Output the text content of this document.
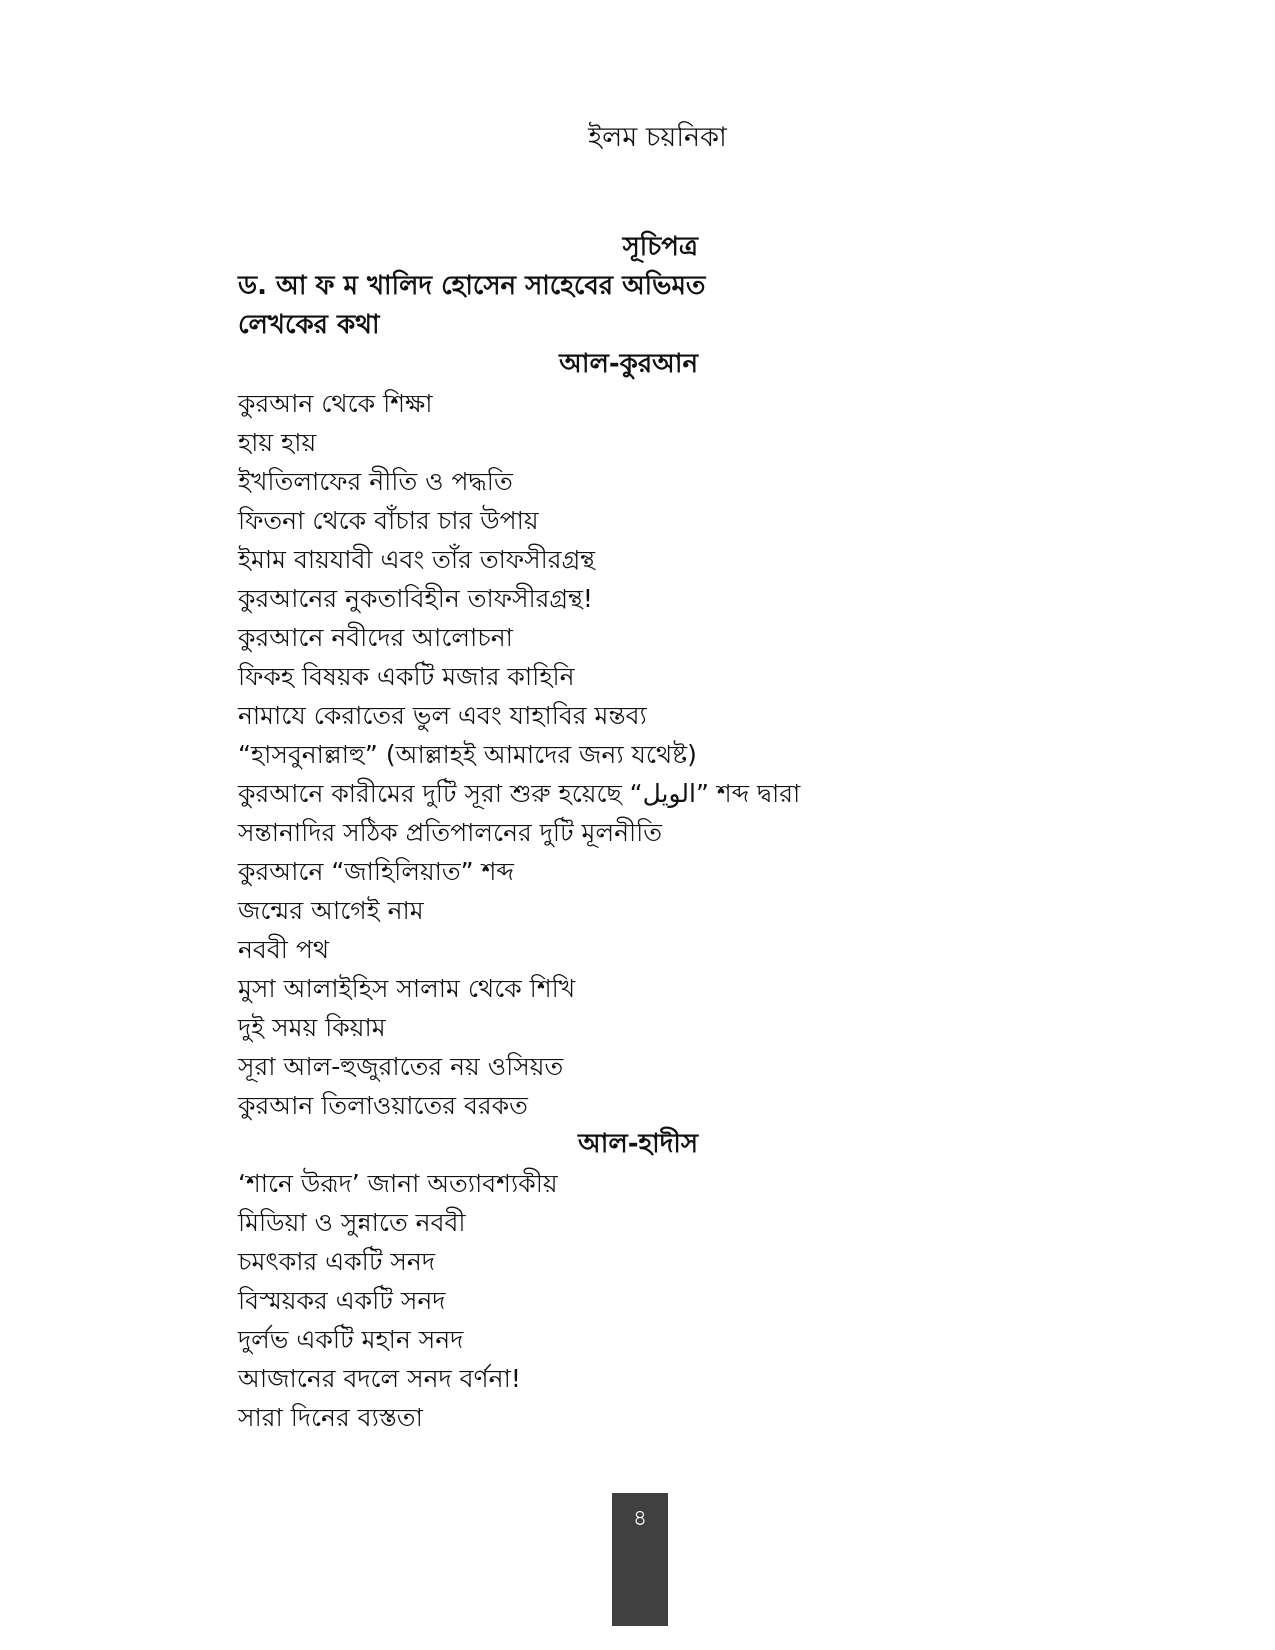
ইলম চয়নিকা
সূচিপত্র
ড. আ ফ ম খালিদ হোসেন সাহেবের অভিমত
লেখকের কথা
আল-কুরআন
কুরআন থেকে শিক্ষা
হায় হায়
ইখতিলাফের নীতি ও পদ্ধতি
ফিতনা থেকে বাঁচার চার উপায়
ইমাম বায়যাবী এবং তাঁর তাফসীরগ্রন্থ
কুরআনের নুকতাবিহীন তাফসীরগ্রন্থ!
কুরআনে নবীদের আলোচনা
ফিকহ বিষয়ক একটি মজার কাহিনি
নামাযে কেরাতের ভুল এবং যাহাবির মন্তব্য
“হাসবুনাল্লাহু” (আল্লাহই আমাদের জন্য যথেষ্ট)
কুরআনে কারীমের দুটি সূরা শুরু হয়েছে “الويل” শব্দ দ্বারা
সন্তানাদির সঠিক প্রতিপালনের দুটি মূলনীতি
কুরআনে “জাহিলিয়াত” শব্দ
জন্মের আগেই নাম
নববী পথ
মুসা আলাইহিস সালাম থেকে শিখি
দুই সময় কিয়াম
সূরা আল-হুজুরাতের নয় ওসিয়ত
কুরআন তিলাওয়াতের বরকত
আল-হাদীস
‘শানে উরূদ’ জানা অত্যাবশ্যকীয়
মিডিয়া ও সুন্নাতে নববী
চমৎকার একটি সনদ
বিস্ময়কর একটি সনদ
দুর্লভ একটি মহান সনদ
আজানের বদলে সনদ বর্ণনা!
সারা দিনের ব্যস্ততা
৪
